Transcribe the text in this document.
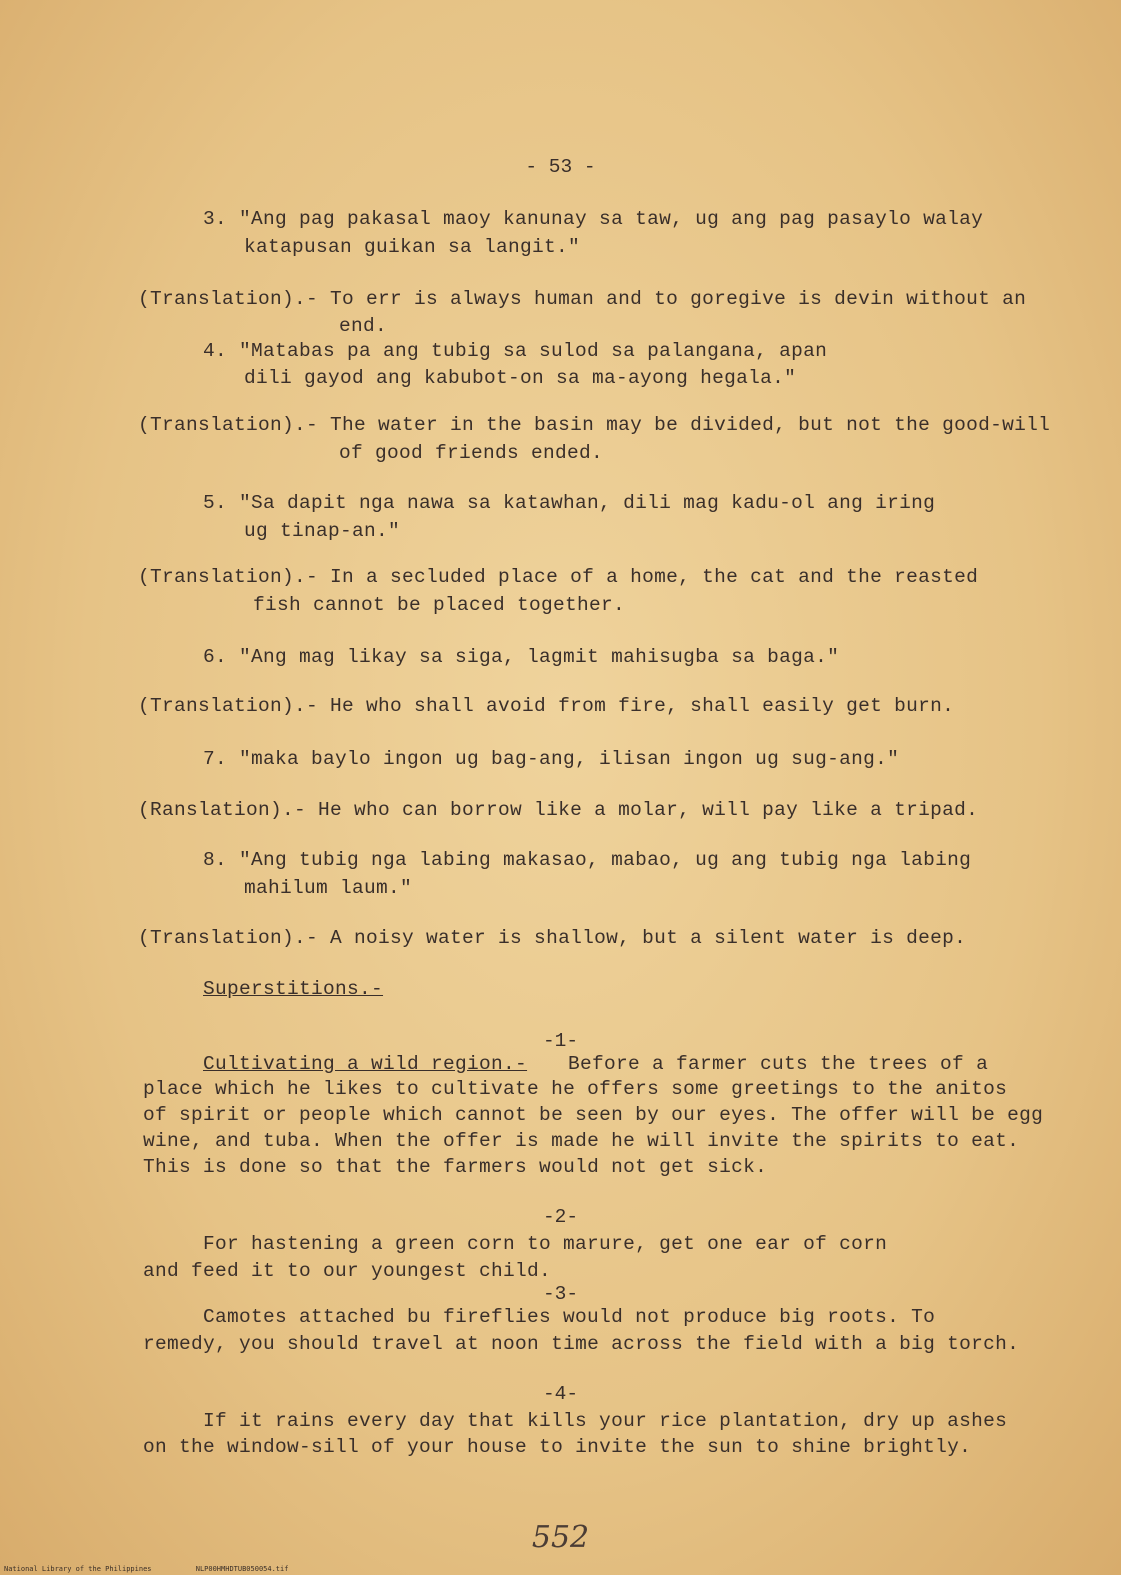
- 53 -
3. "Ang pag pakasal maoy kanunay sa taw, ug ang pag pasaylo walay
katapusan guikan sa langit."
(Translation).- To err is always human and to goregive is devin without an
end.
4. "Matabas pa ang tubig sa sulod sa palangana, apan
dili gayod ang kabubot-on sa ma-ayong hegala."
(Translation).- The water in the basin may be divided, but not the good-will
of good friends ended.
5. "Sa dapit nga nawa sa katawhan, dili mag kadu-ol ang iring
ug tinap-an."
(Translation).- In a secluded place of a home, the cat and the reasted
fish cannot be placed together.
6. "Ang mag likay sa siga, lagmit mahisugba sa baga."
(Translation).- He who shall avoid from fire, shall easily get burn.
7. "maka baylo ingon ug bag-ang, ilisan ingon ug sug-ang."
(Ranslation).- He who can borrow like a molar, will pay like a tripad.
8. "Ang tubig nga labing makasao, mabao, ug ang tubig nga labing
mahilum laum."
(Translation).- A noisy water is shallow, but a silent water is deep.
Superstitions.-
-1-
Cultivating a wild region.- Before a farmer cuts the trees of a
place which he likes to cultivate he offers some greetings to the anitos
of spirit or people which cannot be seen by our eyes. The offer will be egg
wine, and tuba. When the offer is made he will invite the spirits to eat.
This is done so that the farmers would not get sick.
-2-
For hastening a green corn to marure, get one ear of corn
and feed it to our youngest child.
-3-
Camotes attached bu fireflies would not produce big roots. To
remedy, you should travel at noon time across the field with a big torch.
-4-
If it rains every day that kills your rice plantation, dry up ashes
on the window-sill of your house to invite the sun to shine brightly.
552
National Library of the Philippines	NLP00HMHDTUB050054.tif
